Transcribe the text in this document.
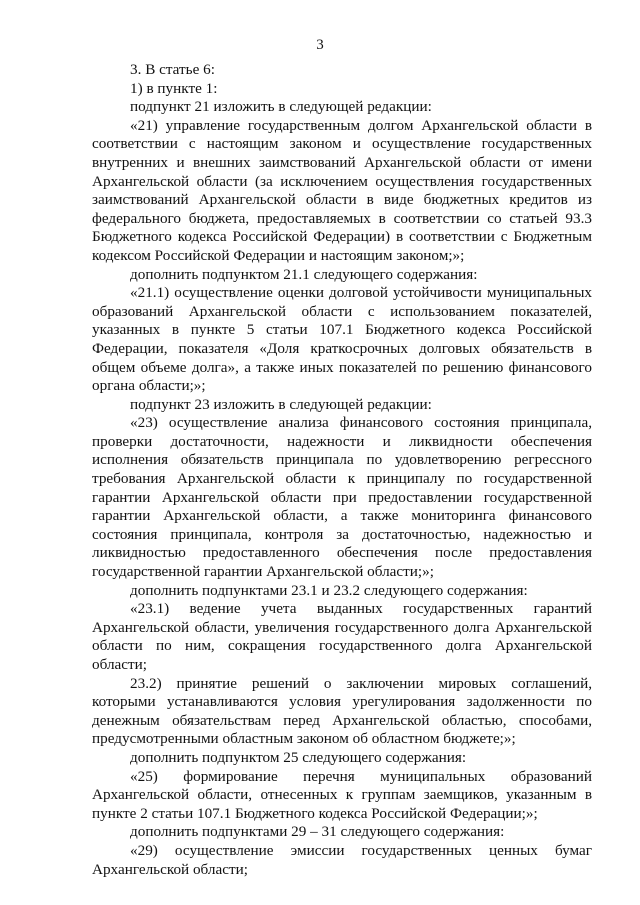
3

3. В статье 6:

1) в пункте 1:

подпункт 21 изложить в следующей редакции:

«21) управление государственным долгом Архангельской области в соответствии с настоящим законом и осуществление государственных внутренних и внешних заимствований Архангельской области от имени Архангельской области (за исключением осуществления государственных заимствований Архангельской области в виде бюджетных кредитов из федерального бюджета, предоставляемых в соответствии со статьей 93.3 Бюджетного кодекса Российской Федерации) в соответствии с Бюджетным кодексом Российской Федерации и настоящим законом;»;

дополнить подпунктом 21.1 следующего содержания:

«21.1) осуществление оценки долговой устойчивости муниципальных образований Архангельской области с использованием показателей, указанных в пункте 5 статьи 107.1 Бюджетного кодекса Российской Федерации, показателя «Доля краткосрочных долговых обязательств в общем объеме долга», а также иных показателей по решению финансового органа области;»;

подпункт 23 изложить в следующей редакции:

«23) осуществление анализа финансового состояния принципала, проверки достаточности, надежности и ликвидности обеспечения исполнения обязательств принципала по удовлетворению регрессного требования Архангельской области к принципалу по государственной гарантии Архангельской области при предоставлении государственной гарантии Архангельской области, а также мониторинга финансового состояния принципала, контроля за достаточностью, надежностью и ликвидностью предоставленного обеспечения после предоставления государственной гарантии Архангельской области;»;

дополнить подпунктами 23.1 и 23.2 следующего содержания:

«23.1) ведение учета выданных государственных гарантий Архангельской области, увеличения государственного долга Архангельской области по ним, сокращения государственного долга Архангельской области;

23.2) принятие решений о заключении мировых соглашений, которыми устанавливаются условия урегулирования задолженности по денежным обязательствам перед Архангельской областью, способами, предусмотренными областным законом об областном бюджете;»;

дополнить подпунктом 25 следующего содержания:

«25) формирование перечня муниципальных образований Архангельской области, отнесенных к группам заемщиков, указанным в пункте 2 статьи 107.1 Бюджетного кодекса Российской Федерации;»;

дополнить подпунктами 29 – 31 следующего содержания:

«29) осуществление эмиссии государственных ценных бумаг Архангельской области;
